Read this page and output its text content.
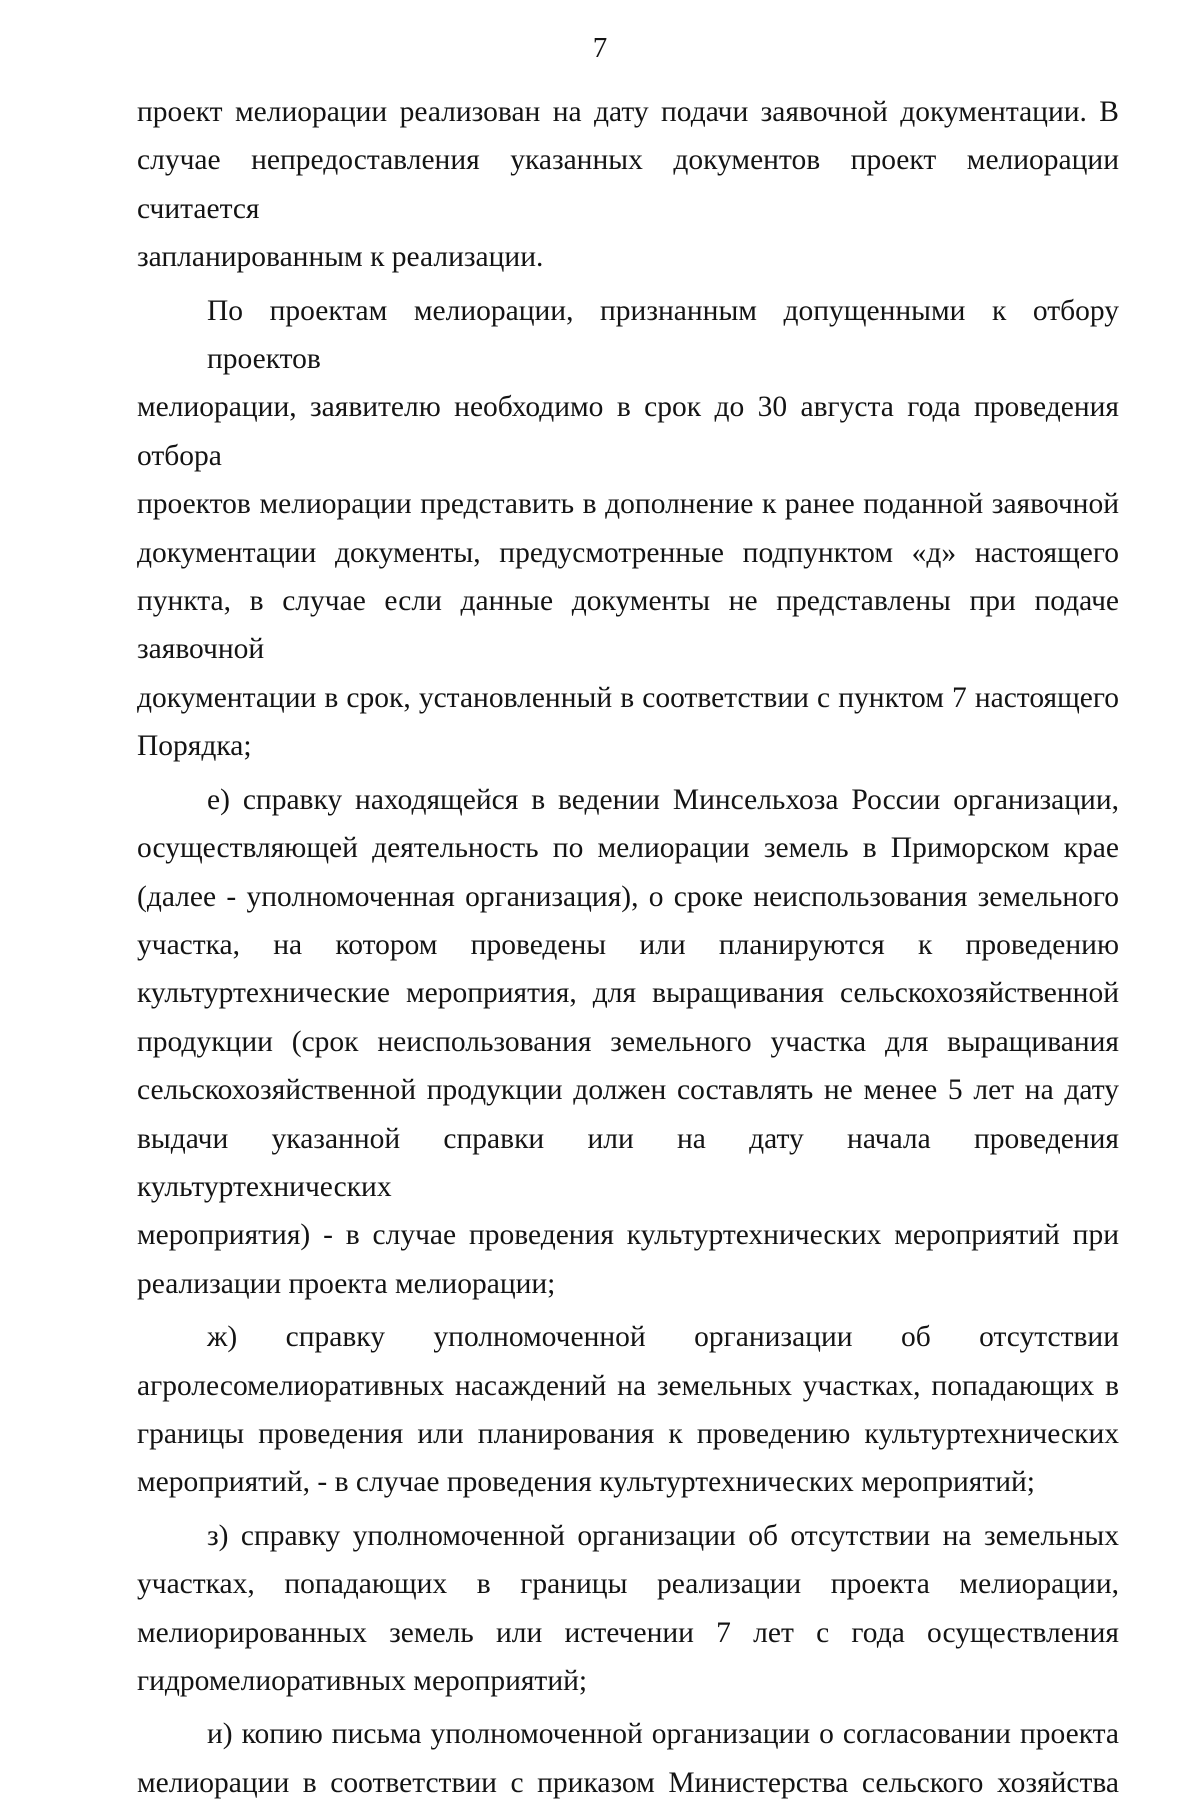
7
проект мелиорации реализован на дату подачи заявочной документации. В
случае непредоставления указанных документов проект мелиорации считается
запланированным к реализации.
По проектам мелиорации, признанным допущенными к отбору проектов
мелиорации, заявителю необходимо в срок до 30 августа года проведения отбора
проектов мелиорации представить в дополнение к ранее поданной заявочной
документации документы, предусмотренные подпунктом «д» настоящего
пункта, в случае если данные документы не представлены при подаче заявочной
документации в срок, установленный в соответствии с пунктом 7 настоящего
Порядка;
е) справку находящейся в ведении Минсельхоза России организации,
осуществляющей деятельность по мелиорации земель в Приморском крае
(далее - уполномоченная организация), о сроке неиспользования земельного
участка, на котором проведены или планируются к проведению
культуртехнические мероприятия, для выращивания сельскохозяйственной
продукции (срок неиспользования земельного участка для выращивания
сельскохозяйственной продукции должен составлять не менее 5 лет на дату
выдачи указанной справки или на дату начала проведения культуртехнических
мероприятия) - в случае проведения культуртехнических мероприятий при
реализации проекта мелиорации;
ж) справку уполномоченной организации об отсутствии
агролесомелиоративных насаждений на земельных участках, попадающих в
границы проведения или планирования к проведению культуртехнических
мероприятий, - в случае проведения культуртехнических мероприятий;
з) справку уполномоченной организации об отсутствии на земельных
участках, попадающих в границы реализации проекта мелиорации,
мелиорированных земель или истечении 7 лет с года осуществления
гидромелиоративных мероприятий;
и) копию письма уполномоченной организации о согласовании проекта
мелиорации в соответствии с приказом Министерства сельского хозяйства
